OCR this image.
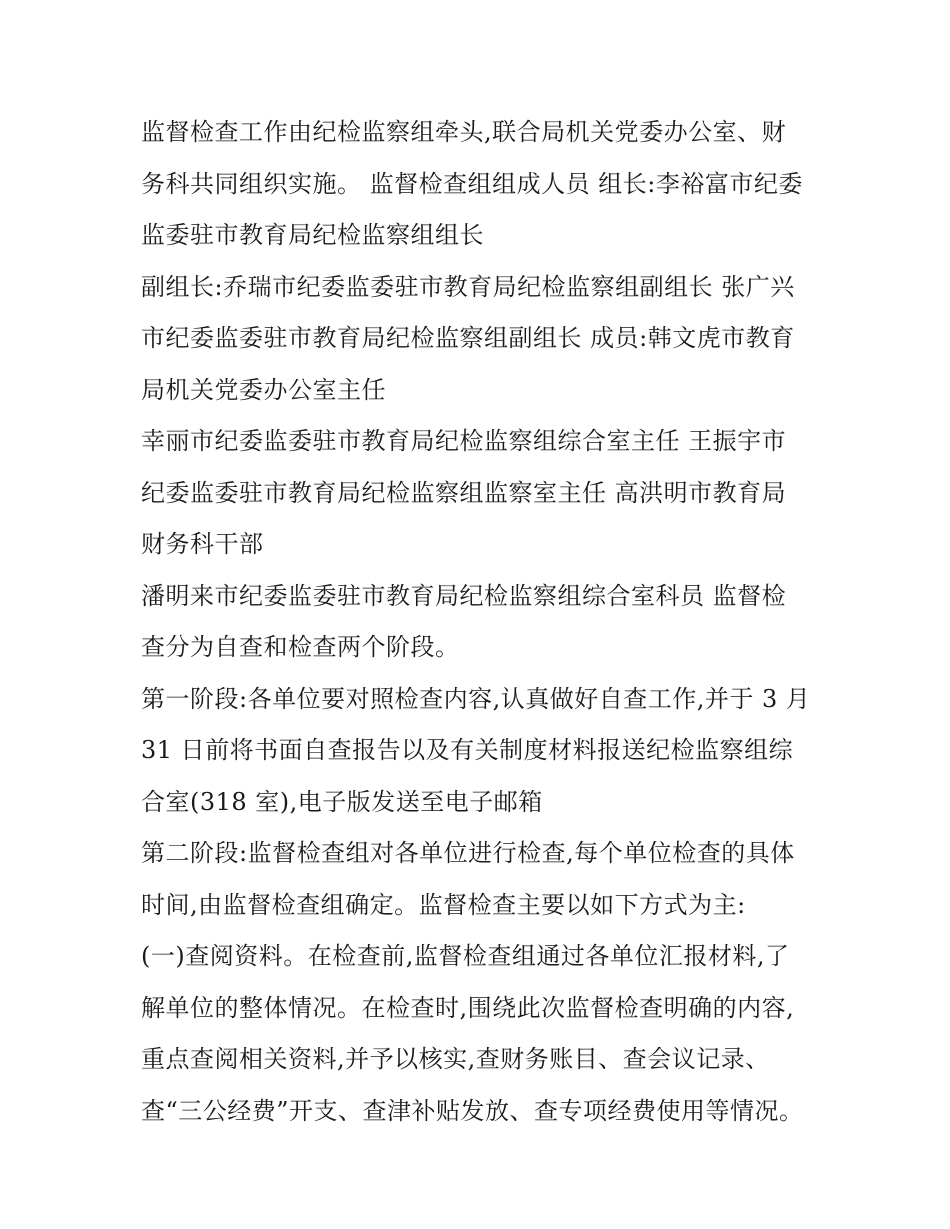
监督检查工作由纪检监察组牵头,联合局机关党委办公室、财
务科共同组织实施。 监督检查组组成人员 组长:李裕富市纪委
监委驻市教育局纪检监察组组长
副组长:乔瑞市纪委监委驻市教育局纪检监察组副组长 张广兴
市纪委监委驻市教育局纪检监察组副组长 成员:韩文虎市教育
局机关党委办公室主任
幸丽市纪委监委驻市教育局纪检监察组综合室主任 王振宇市
纪委监委驻市教育局纪检监察组监察室主任 高洪明市教育局
财务科干部
潘明来市纪委监委驻市教育局纪检监察组综合室科员 监督检
查分为自查和检查两个阶段。
第一阶段:各单位要对照检查内容,认真做好自查工作,并于 3 月
31 日前将书面自查报告以及有关制度材料报送纪检监察组综
合室(318 室),电子版发送至电子邮箱
第二阶段:监督检查组对各单位进行检查,每个单位检查的具体
时间,由监督检查组确定。监督检查主要以如下方式为主:
(一)查阅资料。在检查前,监督检查组通过各单位汇报材料,了
解单位的整体情况。在检查时,围绕此次监督检查明确的内容,
重点查阅相关资料,并予以核实,查财务账目、查会议记录、
查“三公经费”开支、查津补贴发放、查专项经费使用等情况。
